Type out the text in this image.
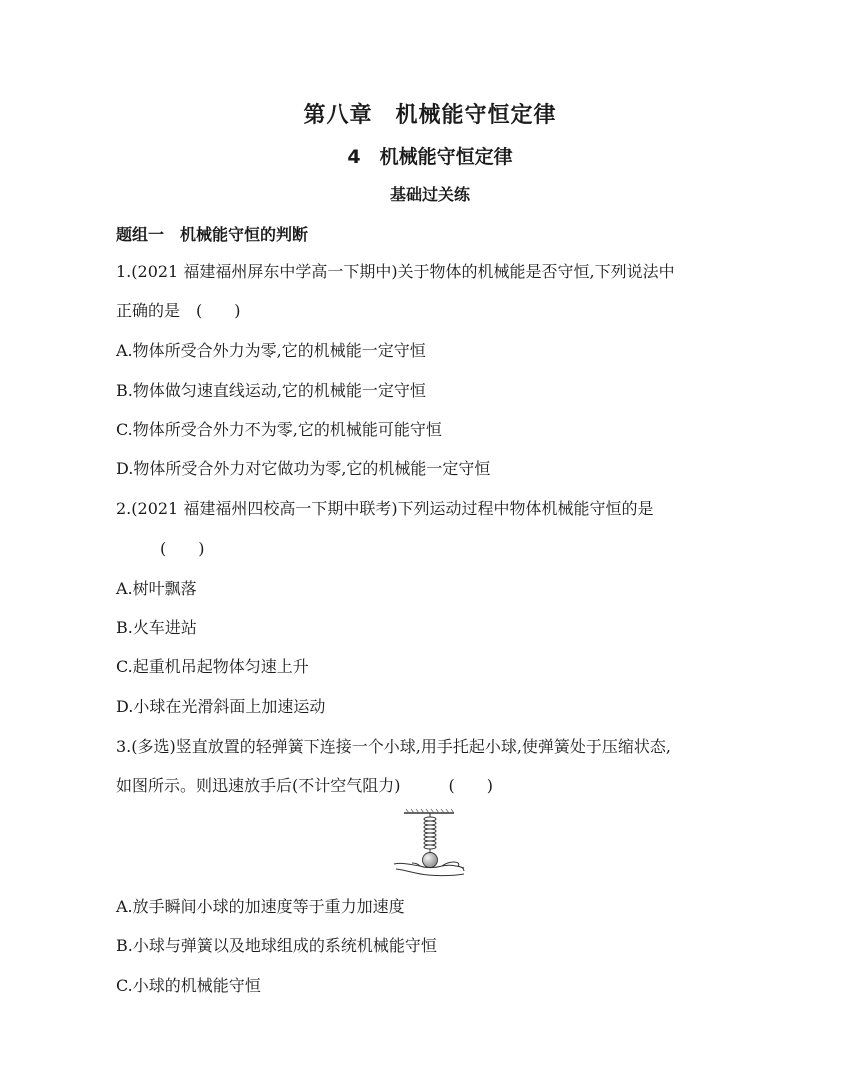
第八章　机械能守恒定律
4　机械能守恒定律
基础过关练
题组一　机械能守恒的判断
1.(2021 福建福州屏东中学高一下期中)关于物体的机械能是否守恒,下列说法中
正确的是　(　　)
A.物体所受合外力为零,它的机械能一定守恒
B.物体做匀速直线运动,它的机械能一定守恒
C.物体所受合外力不为零,它的机械能可能守恒
D.物体所受合外力对它做功为零,它的机械能一定守恒
2.(2021 福建福州四校高一下期中联考)下列运动过程中物体机械能守恒的是
(　　)
A.树叶飘落
B.火车进站
C.起重机吊起物体匀速上升
D.小球在光滑斜面上加速运动
3.(多选)竖直放置的轻弹簧下连接一个小球,用手托起小球,使弹簧处于压缩状态,
如图所示。则迅速放手后(不计空气阻力)　　　(　　)
A.放手瞬间小球的加速度等于重力加速度
B.小球与弹簧以及地球组成的系统机械能守恒
C.小球的机械能守恒
